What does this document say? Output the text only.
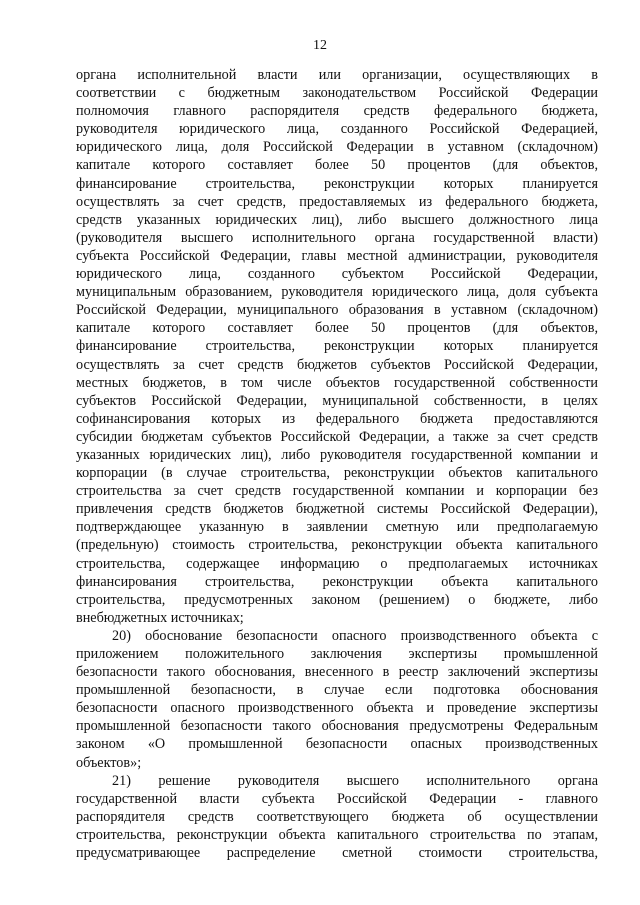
12
органа исполнительной власти или организации, осуществляющих в
соответствии с бюджетным законодательством Российской Федерации
полномочия главного распорядителя средств федерального бюджета,
руководителя юридического лица, созданного Российской Федерацией,
юридического лица, доля Российской Федерации в уставном (складочном)
капитале которого составляет более 50 процентов (для объектов,
финансирование строительства, реконструкции которых планируется
осуществлять за счет средств, предоставляемых из федерального бюджета,
средств указанных юридических лиц), либо высшего должностного лица
(руководителя высшего исполнительного органа государственной власти)
субъекта Российской Федерации, главы местной администрации, руководителя
юридического лица, созданного субъектом Российской Федерации,
муниципальным образованием, руководителя юридического лица, доля субъекта
Российской Федерации, муниципального образования в уставном (складочном)
капитале которого составляет более 50 процентов (для объектов,
финансирование строительства, реконструкции которых планируется
осуществлять за счет средств бюджетов субъектов Российской Федерации,
местных бюджетов, в том числе объектов государственной собственности
субъектов Российской Федерации, муниципальной собственности, в целях
софинансирования которых из федерального бюджета предоставляются
субсидии бюджетам субъектов Российской Федерации, а также за счет средств
указанных юридических лиц), либо руководителя государственной компании и
корпорации (в случае строительства, реконструкции объектов капитального
строительства за счет средств государственной компании и корпорации без
привлечения средств бюджетов бюджетной системы Российской Федерации),
подтверждающее указанную в заявлении сметную или предполагаемую
(предельную) стоимость строительства, реконструкции объекта капитального
строительства, содержащее информацию о предполагаемых источниках
финансирования строительства, реконструкции объекта капитального
строительства, предусмотренных законом (решением) о бюджете, либо
внебюджетных источниках;
20) обоснование безопасности опасного производственного объекта с
приложением положительного заключения экспертизы промышленной
безопасности такого обоснования, внесенного в реестр заключений экспертизы
промышленной безопасности, в случае если подготовка обоснования
безопасности опасного производственного объекта и проведение экспертизы
промышленной безопасности такого обоснования предусмотрены Федеральным
законом «О промышленной безопасности опасных производственных
объектов»;
21) решение руководителя высшего исполнительного органа
государственной власти субъекта Российской Федерации - главного
распорядителя средств соответствующего бюджета об осуществлении
строительства, реконструкции объекта капитального строительства по этапам,
предусматривающее распределение сметной стоимости строительства,
